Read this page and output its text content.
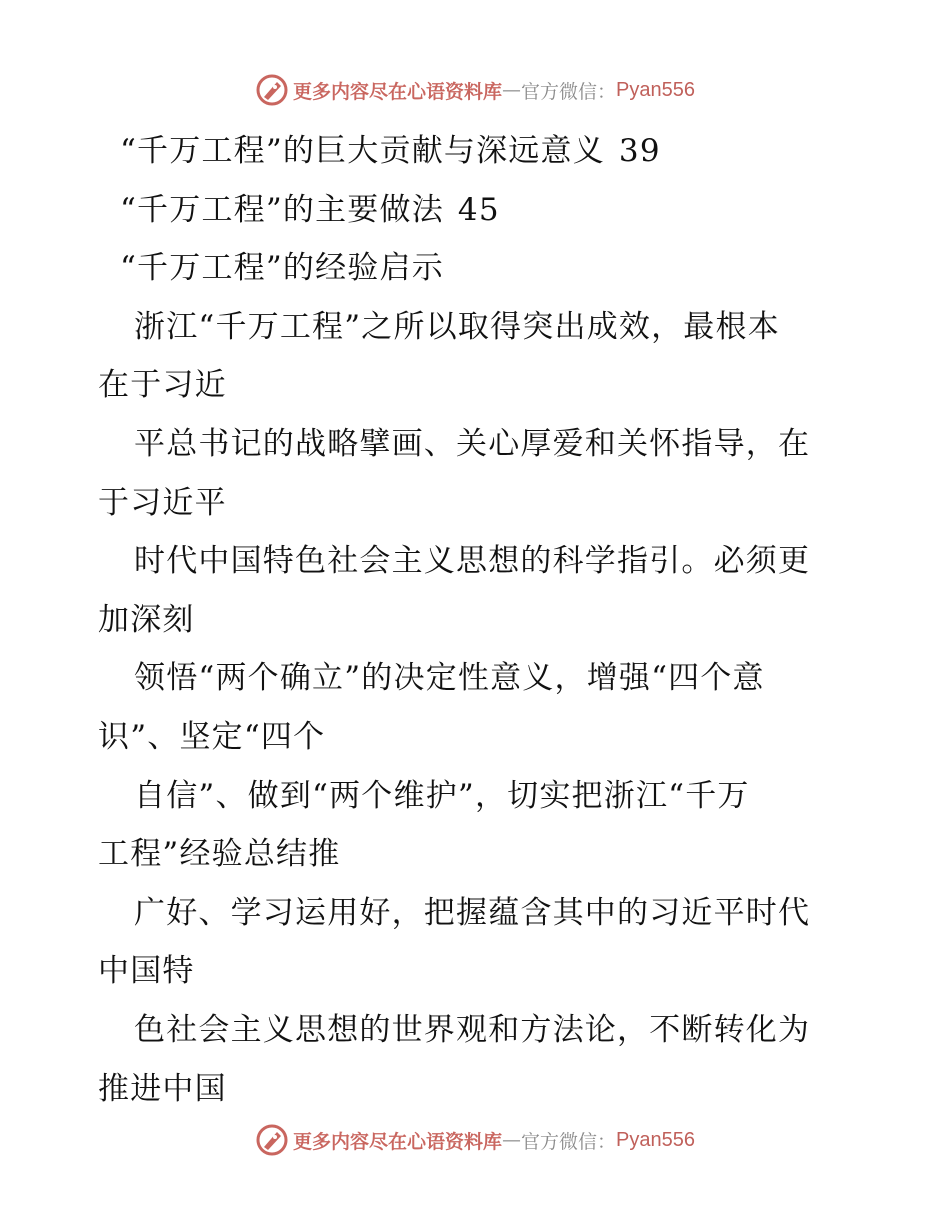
更多内容尽在心语资料库 — 官方微信： Pyan556
“千万工程”的巨大贡献与深远意义 39
“千万工程”的主要做法 45
“千万工程”的经验启示
浙江“千万工程”之所以取得突出成效，最根本
在于习近
平总书记的战略擘画、关心厚爱和关怀指导，在
于习近平
时代中国特色社会主义思想的科学指引。必须更
加深刻
领悟“两个确立”的决定性意义，增强“四个意
识”、坚定“四个
自信”、做到“两个维护”，切实把浙江“千万
工程”经验总结推
广好、学习运用好，把握蕴含其中的习近平时代
中国特
色社会主义思想的世界观和方法论，不断转化为
推进中国
更多内容尽在心语资料库 — 官方微信： Pyan556
